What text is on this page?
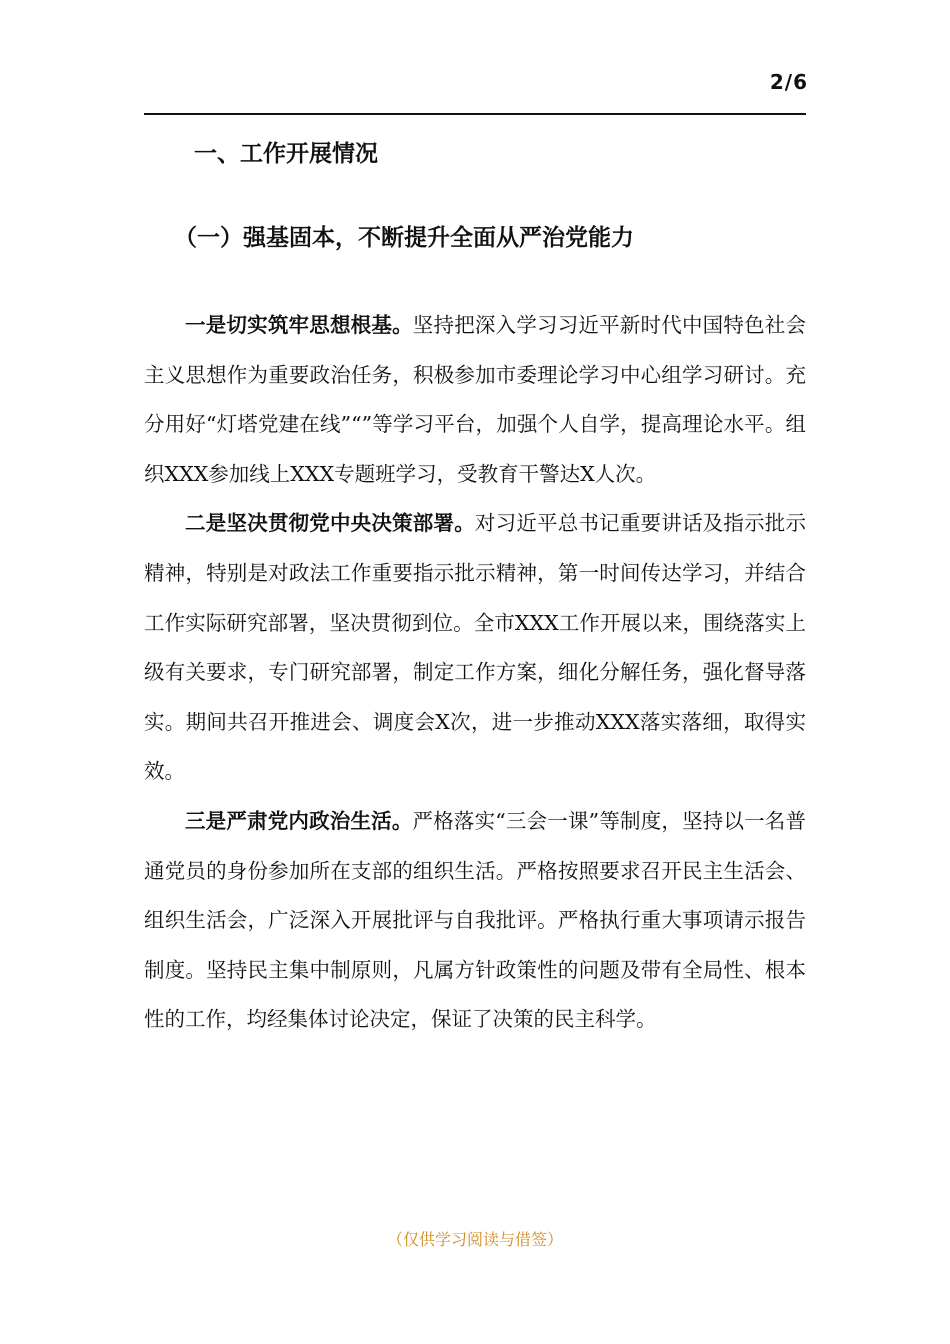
2/6
一、工作开展情况
（一）强基固本，不断提升全面从严治党能力

一是切实筑牢思想根基。坚持把深入学习习近平新时代中国特色社会主义思想作为重要政治任务，积极参加市委理论学习中心组学习研讨。充分用好“灯塔党建在线”“”等学习平台，加强个人自学，提高理论水平。组织XXX参加线上XXX专题班学习，受教育干警达X人次。

二是坚决贯彻党中央决策部署。对习近平总书记重要讲话及指示批示精神，特别是对政法工作重要指示批示精神，第一时间传达学习，并结合工作实际研究部署，坚决贯彻到位。全市XXX工作开展以来，围绕落实上级有关要求，专门研究部署，制定工作方案，细化分解任务，强化督导落实。期间共召开推进会、调度会X次，进一步推动XXX落实落细，取得实效。

三是严肃党内政治生活。严格落实“三会一课”等制度，坚持以一名普通党员的身份参加所在支部的组织生活。严格按照要求召开民主生活会、组织生活会，广泛深入开展批评与自我批评。严格执行重大事项请示报告制度。坚持民主集中制原则，凡属方针政策性的问题及带有全局性、根本性的工作，均经集体讨论决定，保证了决策的民主科学。

（仅供学习阅读与借签）
